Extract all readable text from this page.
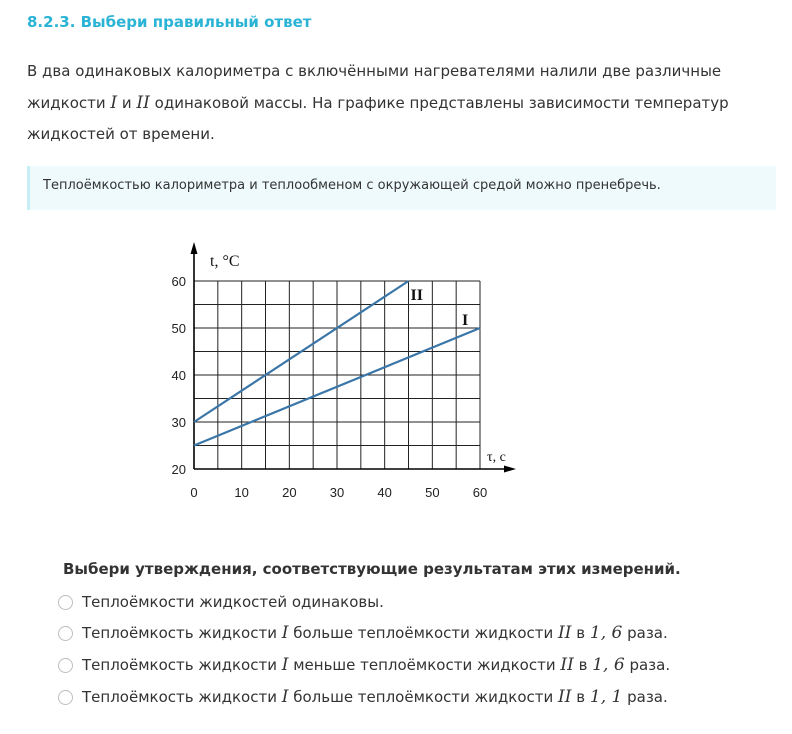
8.2.3. Выбери правильный ответ
В два одинаковых калориметра с включёнными нагревателями налили две различные
жидкости I и II одинаковой массы. На графике представлены зависимости температур
жидкостей от времени.
Теплоёмкостью калориметра и теплообменом с окружающей средой можно пренебречь.
0	10	20	30	40	50	60
20
30
40
50
60
t, °C
τ, с
I
II
Выбери утверждения, соответствующие результатам этих измерений.
Теплоёмкости жидкостей одинаковы.
Теплоёмкость жидкости I больше теплоёмкости жидкости II в 1, 6 раза.
Теплоёмкость жидкости I меньше теплоёмкости жидкости II в 1, 6 раза.
Теплоёмкость жидкости I больше теплоёмкости жидкости II в 1, 1 раза.
